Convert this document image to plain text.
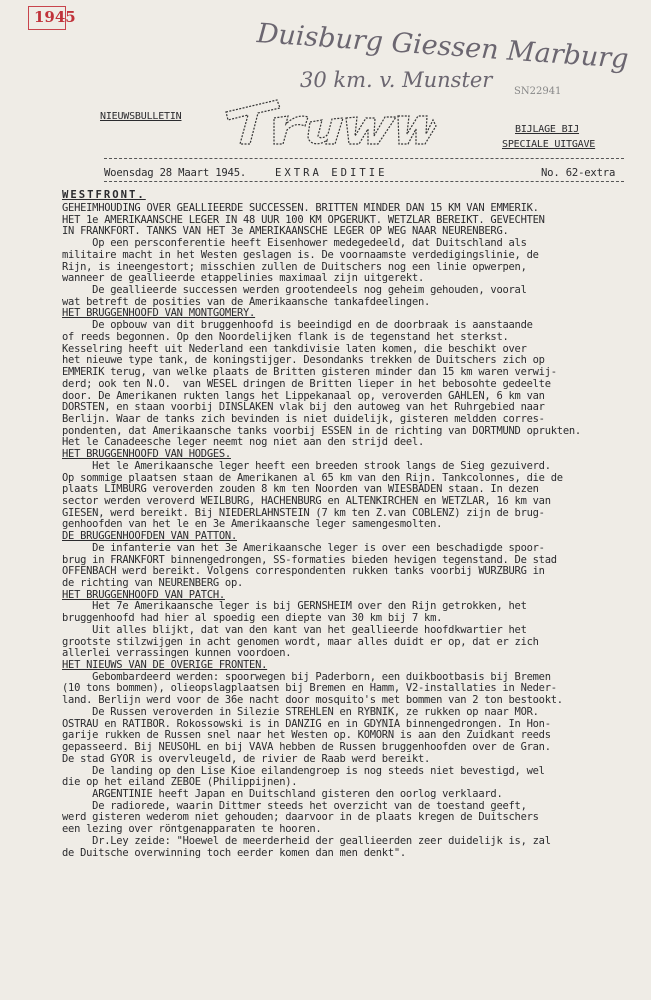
1945
Duisburg Giessen Marburg
30 km. v. Munster SN22941
NIEUWSBULLETIN
BIJLAGE BIJ
SPECIALE UITGAVE
Woensdag 28 Maart 1945.	EXTRA EDITIE	No. 62-extra
WESTFRONT.
GEHEIMHOUDING OVER GEALLIEERDE SUCCESSEN. BRITTEN MINDER DAN 15 KM VAN EMMERIK.
HET 1e AMERIKAANSCHE LEGER IN 48 UUR 100 KM OPGERUKT. WETZLAR BEREIKT. GEVECHTEN
IN FRANKFORT. TANKS VAN HET 3e AMERIKAANSCHE LEGER OP WEG NAAR NEURENBERG.
Op een persconferentie heeft Eisenhower medegedeeld, dat Duitschland als
militaire macht in het Westen geslagen is. De voornaamste verdedigingslinie, de
Rijn, is ineengestort; misschien zullen de Duitschers nog een linie opwerpen,
wanneer de geallieerde etappelinies maximaal zijn uitgerekt.
De geallieerde successen werden grootendeels nog geheim gehouden, vooral
wat betreft de posities van de Amerikaansche tankafdeelingen.
HET BRUGGENHOOFD VAN MONTGOMERY.
De opbouw van dit bruggenhoofd is beeindigd en de doorbraak is aanstaande
of reeds begonnen. Op den Noordelijken flank is de tegenstand het sterkst.
Kesselring heeft uit Nederland een tankdivisie laten komen, die beschikt over
het nieuwe type tank, de koningstijger. Desondanks trekken de Duitschers zich op
EMMERIK terug, van welke plaats de Britten gisteren minder dan 15 km waren verwij-
derd; ook ten N.O.  van WESEL dringen de Britten lieper in het bebosohte gedeelte
door. De Amerikanen rukten langs het Lippekanaal op, veroverden GAHLEN, 6 km van
DORSTEN, en staan voorbij DINSLAKEN vlak bij den autoweg van het Ruhrgebied naar
Berlijn. Waar de tanks zich bevinden is niet duidelijk, gisteren meldden corres-
pondenten, dat Amerikaansche tanks voorbij ESSEN in de richting van DORTMUND oprukten.
Het le Canadeesche leger neemt nog niet aan den strijd deel.
HET BRUGGENHOOFD VAN HODGES.
Het le Amerikaansche leger heeft een breeden strook langs de Sieg gezuiverd.
Op sommige plaatsen staan de Amerikanen al 65 km van den Rijn. Tankcolonnes, die de
plaats LIMBURG veroverden zouden 8 km ten Noorden van WIESBADEN staan. In dezen
sector werden veroverd WEILBURG, HACHENBURG en ALTENKIRCHEN en WETZLAR, 16 km van
GIESEN, werd bereikt. Bij NIEDERLAHNSTEIN (7 km ten Z.van COBLENZ) zijn de brug-
genhoofden van het le en 3e Amerikaansche leger samengesmolten.
DE BRUGGENHOOFDEN VAN PATTON.
De infanterie van het 3e Amerikaansche leger is over een beschadigde spoor-
brug in FRANKFORT binnengedrongen, SS-formaties bieden hevigen tegenstand. De stad
OFFENBACH werd bereikt. Volgens correspondenten rukken tanks voorbij WURZBURG in
de richting van NEURENBERG op.
HET BRUGGENHOOFD VAN PATCH.
Het 7e Amerikaansche leger is bij GERNSHEIM over den Rijn getrokken, het
bruggenhoofd had hier al spoedig een diepte van 30 km bij 7 km.
Uit alles blijkt, dat van den kant van het geallieerde hoofdkwartier het
grootste stilzwijgen in acht genomen wordt, maar alles duidt er op, dat er zich
allerlei verrassingen kunnen voordoen.
HET NIEUWS VAN DE OVERIGE FRONTEN.
Gebombardeerd werden: spoorwegen bij Paderborn, een duikbootbasis bij Bremen
(10 tons bommen), olieopslagplaatsen bij Bremen en Hamm, V2-installaties in Neder-
land. Berlijn werd voor de 36e nacht door mosquito's met bommen van 2 ton bestookt.
De Russen veroverden in Silezie STREHLEN en RYBNIK, ze rukken op naar MOR.
OSTRAU en RATIBOR. Rokossowski is in DANZIG en in GDYNIA binnengedrongen. In Hon-
garije rukken de Russen snel naar het Westen op. KOMORN is aan den Zuidkant reeds
gepasseerd. Bij NEUSOHL en bij VAVA hebben de Russen bruggenhoofden over de Gran.
De stad GYOR is overvleugeld, de rivier de Raab werd bereikt.
De landing op den Lise Kioe eilandengroep is nog steeds niet bevestigd, wel
die op het eiland ZEBOE (Philippijnen).
ARGENTINIE heeft Japan en Duitschland gisteren den oorlog verklaard.
De radiorede, waarin Dittmer steeds het overzicht van de toestand geeft,
werd gisteren wederom niet gehouden; daarvoor in de plaats kregen de Duitschers
een lezing over röntgenapparaten te hooren.
Dr.Ley zeide: "Hoewel de meerderheid der geallieerden zeer duidelijk is, zal
de Duitsche overwinning toch eerder komen dan men denkt".
